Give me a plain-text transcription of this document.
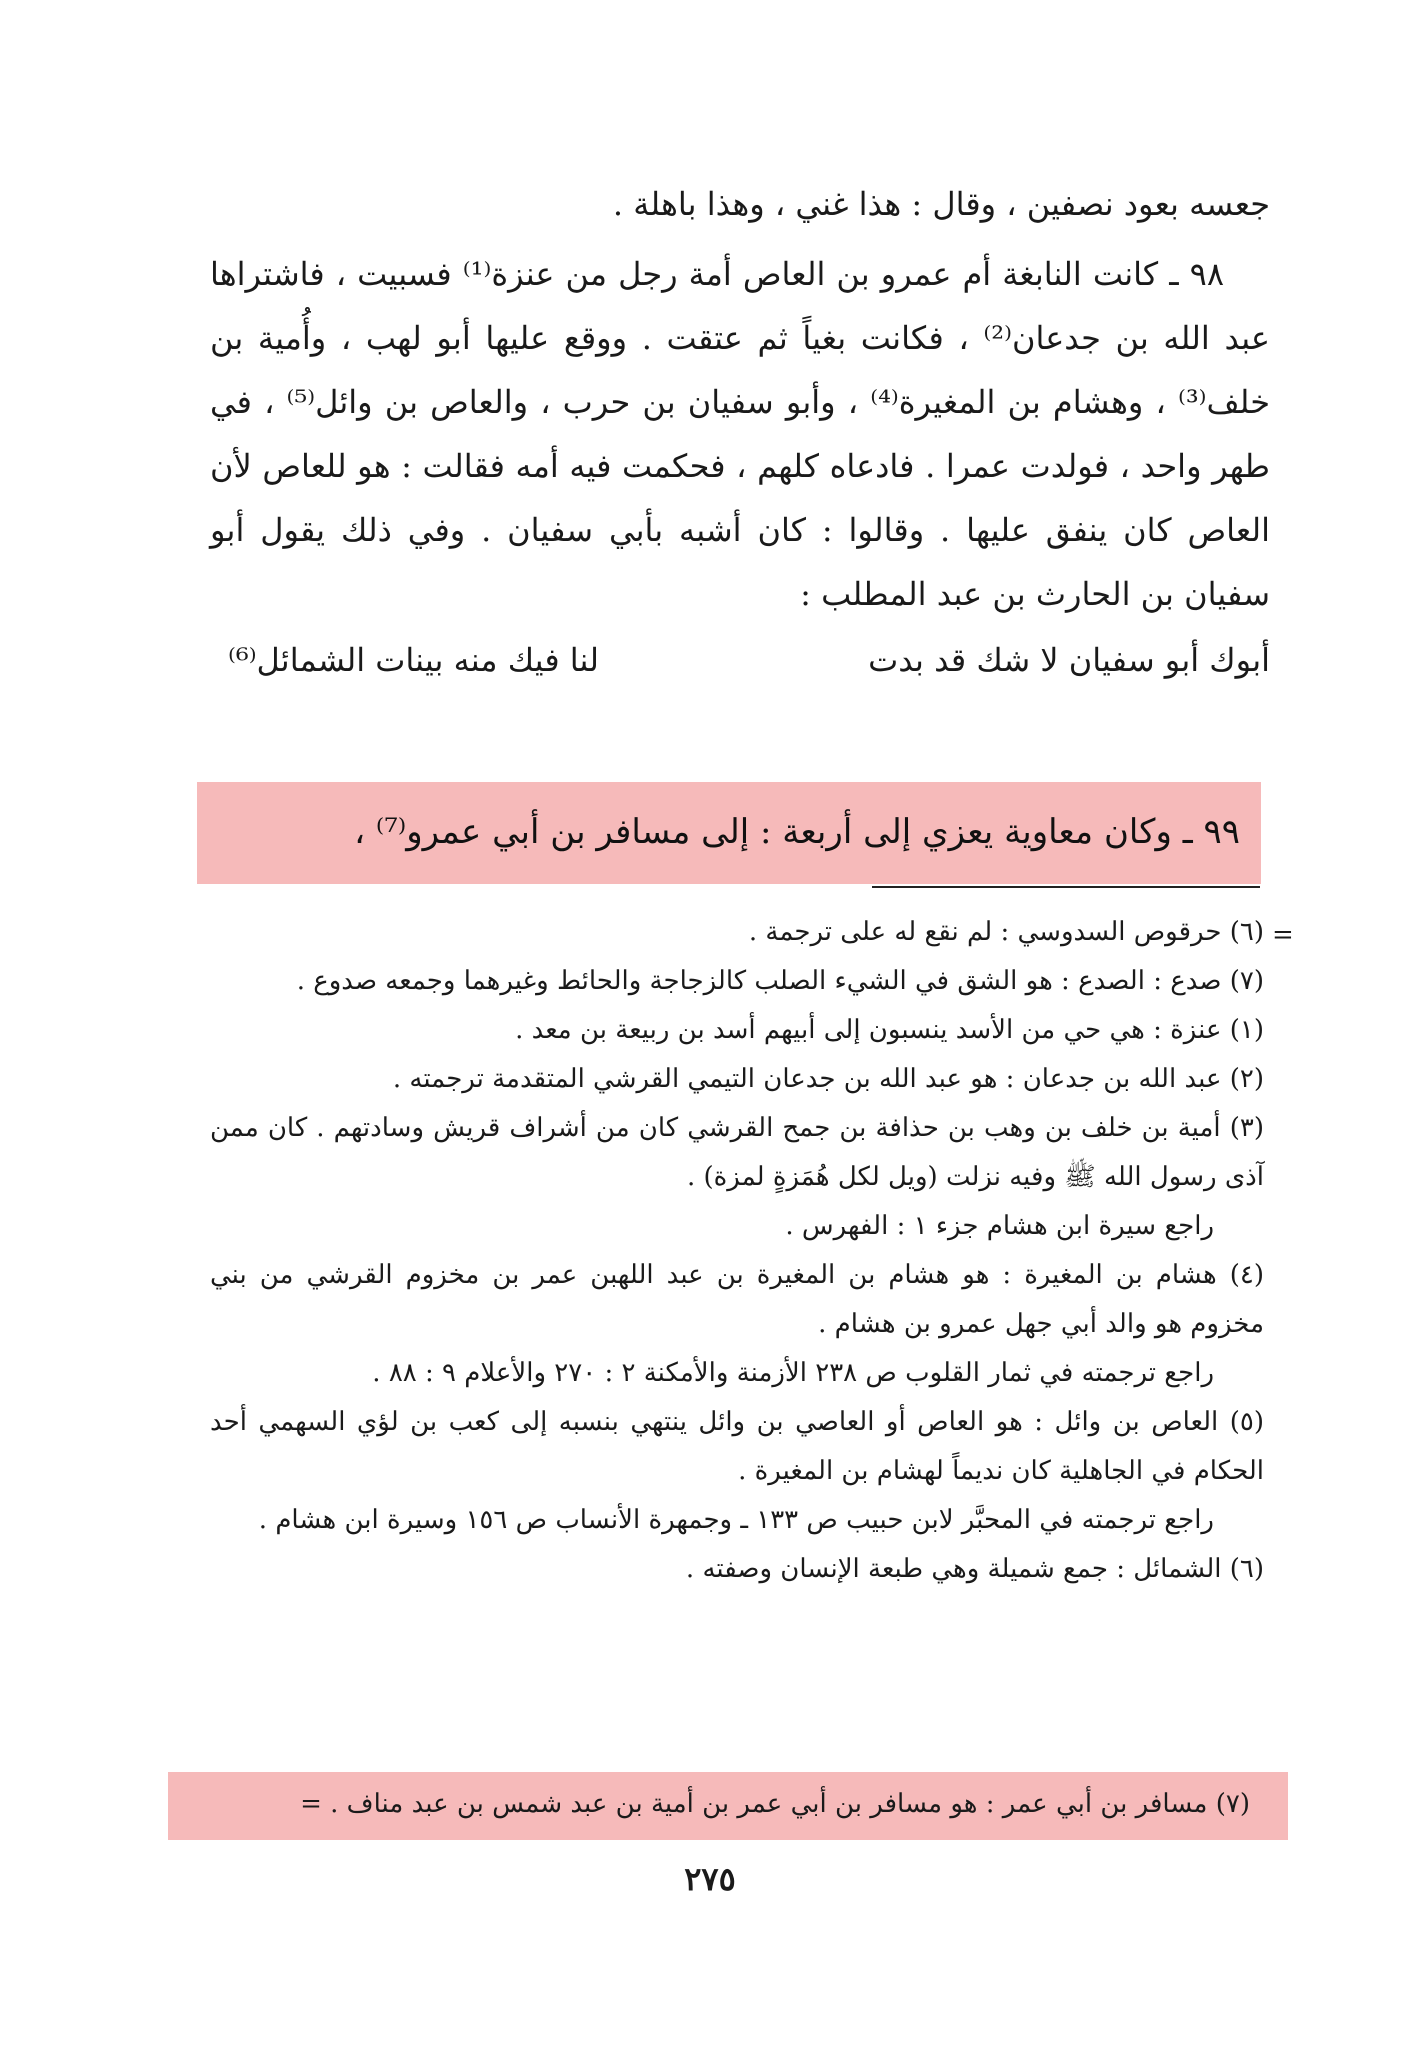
جعسه بعود نصفين ، وقال : هذا غني ، وهذا باهلة .

٩٨ ـ كانت النابغة أم عمرو بن العاص أمة رجل من عنزة⁽¹⁾ فسبيت ، فاشتراها عبد الله بن جدعان⁽²⁾ ، فكانت بغياً ثم عتقت . ووقع عليها أبو لهب ، وأُمية بن خلف⁽³⁾ ، وهشام بن المغيرة⁽⁴⁾ ، وأبو سفيان بن حرب ، والعاص بن وائل⁽⁵⁾ ، في طهر واحد ، فولدت عمرا . فادعاه كلهم ، فحكمت فيه أمه فقالت : هو للعاص لأن العاص كان ينفق عليها . وقالوا : كان أشبه بأبي سفيان . وفي ذلك يقول أبو سفيان بن الحارث بن عبد المطلب :

أبوك أبو سفيان لا شك قد بدت
لنا فيك منه بينات الشمائل⁽⁶⁾

٩٩ ـ وكان معاوية يعزي إلى أربعة : إلى مسافر بن أبي عمرو⁽⁷⁾ ،

=

(٦) حرقوص السدوسي : لم نقع له على ترجمة .

(٧) صدع : الصدع : هو الشق في الشيء الصلب كالزجاجة والحائط وغيرهما وجمعه صدوع .

(١) عنزة : هي حي من الأسد ينسبون إلى أبيهم أسد بن ربيعة بن معد .

(٢) عبد الله بن جدعان : هو عبد الله بن جدعان التيمي القرشي المتقدمة ترجمته .

(٣) أمية بن خلف بن وهب بن حذافة بن جمح القرشي كان من أشراف قريش وسادتهم . كان ممن آذى رسول الله ﷺ وفيه نزلت (ويل لكل هُمَزةٍ لمزة) .

راجع سيرة ابن هشام جزء ١ : الفهرس .

(٤) هشام بن المغيرة : هو هشام بن المغيرة بن عبد اللهبن عمر بن مخزوم القرشي من بني مخزوم هو والد أبي جهل عمرو بن هشام .

راجع ترجمته في ثمار القلوب ص ٢٣٨ الأزمنة والأمكنة ٢ : ٢٧٠ والأعلام ٩ : ٨٨ .

(٥) العاص بن وائل : هو العاص أو العاصي بن وائل ينتهي بنسبه إلى كعب بن لؤي السهمي أحد الحكام في الجاهلية كان نديماً لهشام بن المغيرة .

راجع ترجمته في المحبَّر لابن حبيب ص ١٣٣ ـ وجمهرة الأنساب ص ١٥٦ وسيرة ابن هشام .

(٦) الشمائل : جمع شميلة وهي طبعة الإنسان وصفته .

(٧) مسافر بن أبي عمر : هو مسافر بن أبي عمر بن أمية بن عبد شمس بن عبد مناف . =

٢٧٥
